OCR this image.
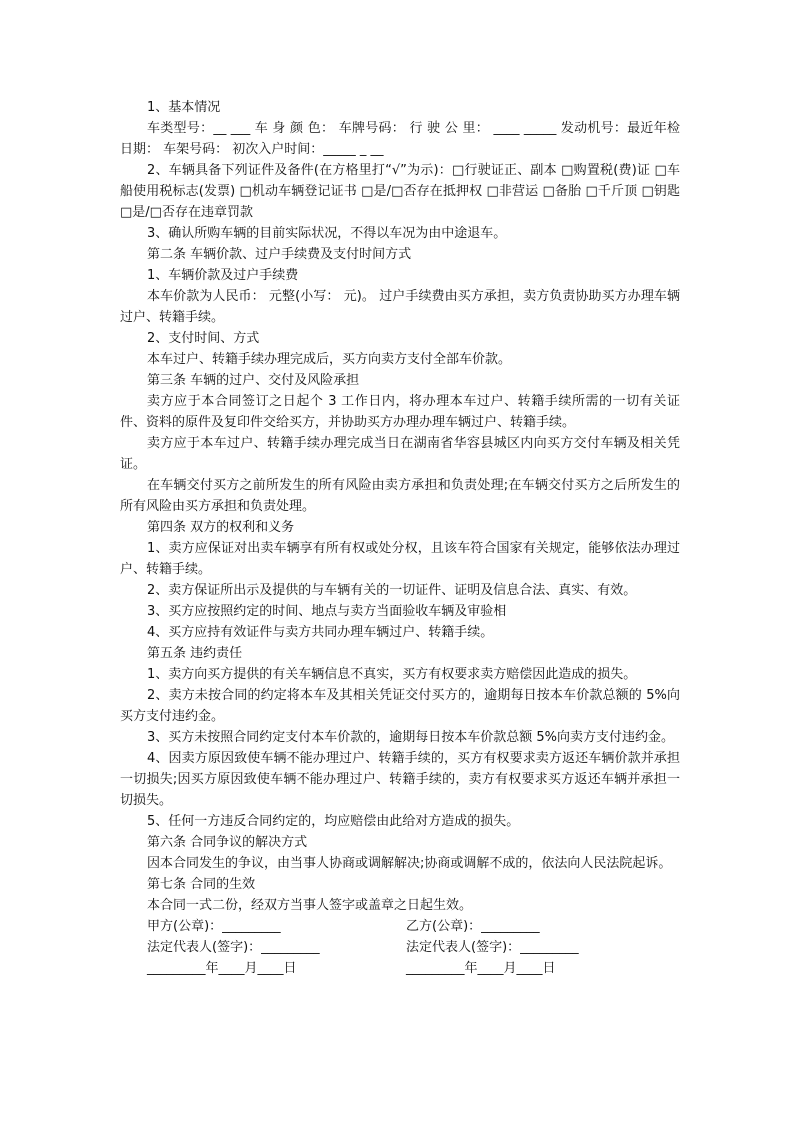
1、基本情况

车类型号：__ ___ 车 身 颜 色： 车牌号码： 行 驶 公 里： ____ _____ 发动机号：最近年检日期： 车架号码： 初次入户时间：_____ _ __

2、车辆具备下列证件及备件(在方格里打“√”为示)：□行驶证正、副本 □购置税(费)证 □车船使用税标志(发票) □机动车辆登记证书 □是/□否存在抵押权 □非营运 □备胎 □千斤顶 □钥匙 □是/□否存在违章罚款

3、确认所购车辆的目前实际状况，不得以车况为由中途退车。

第二条 车辆价款、过户手续费及支付时间方式

1、车辆价款及过户手续费

本车价款为人民币： 元整(小写： 元)。 过户手续费由买方承担，卖方负责协助买方办理车辆过户、转籍手续。

2、支付时间、方式

本车过户、转籍手续办理完成后，买方向卖方支付全部车价款。

第三条 车辆的过户、交付及风险承担

卖方应于本合同签订之日起个 3 工作日内，将办理本车过户、转籍手续所需的一切有关证件、资料的原件及复印件交给买方，并协助买方办理办理车辆过户、转籍手续。

卖方应于本车过户、转籍手续办理完成当日在湖南省华容县城区内向买方交付车辆及相关凭证。

在车辆交付买方之前所发生的所有风险由卖方承担和负责处理;在车辆交付买方之后所发生的所有风险由买方承担和负责处理。

第四条 双方的权利和义务

1、卖方应保证对出卖车辆享有所有权或处分权，且该车符合国家有关规定，能够依法办理过户、转籍手续。

2、卖方保证所出示及提供的与车辆有关的一切证件、证明及信息合法、真实、有效。

3、买方应按照约定的时间、地点与卖方当面验收车辆及审验相

4、买方应持有效证件与卖方共同办理车辆过户、转籍手续。

第五条 违约责任

1、卖方向买方提供的有关车辆信息不真实，买方有权要求卖方赔偿因此造成的损失。

2、卖方未按合同的约定将本车及其相关凭证交付买方的，逾期每日按本车价款总额的 5%向买方支付违约金。

3、买方未按照合同约定支付本车价款的，逾期每日按本车价款总额 5%向卖方支付违约金。

4、因卖方原因致使车辆不能办理过户、转籍手续的，买方有权要求卖方返还车辆价款并承担一切损失;因买方原因致使车辆不能办理过户、转籍手续的，卖方有权要求买方返还车辆并承担一切损失。

5、任何一方违反合同约定的，均应赔偿由此给对方造成的损失。

第六条 合同争议的解决方式

因本合同发生的争议，由当事人协商或调解解决;协商或调解不成的，依法向人民法院起诉。

第七条 合同的生效

本合同一式二份，经双方当事人签字或盖章之日起生效。

甲方(公章)：_________	乙方(公章)：_________
法定代表人(签字)：_________	法定代表人(签字)：_________
_________年____月____日	_________年____月____日
